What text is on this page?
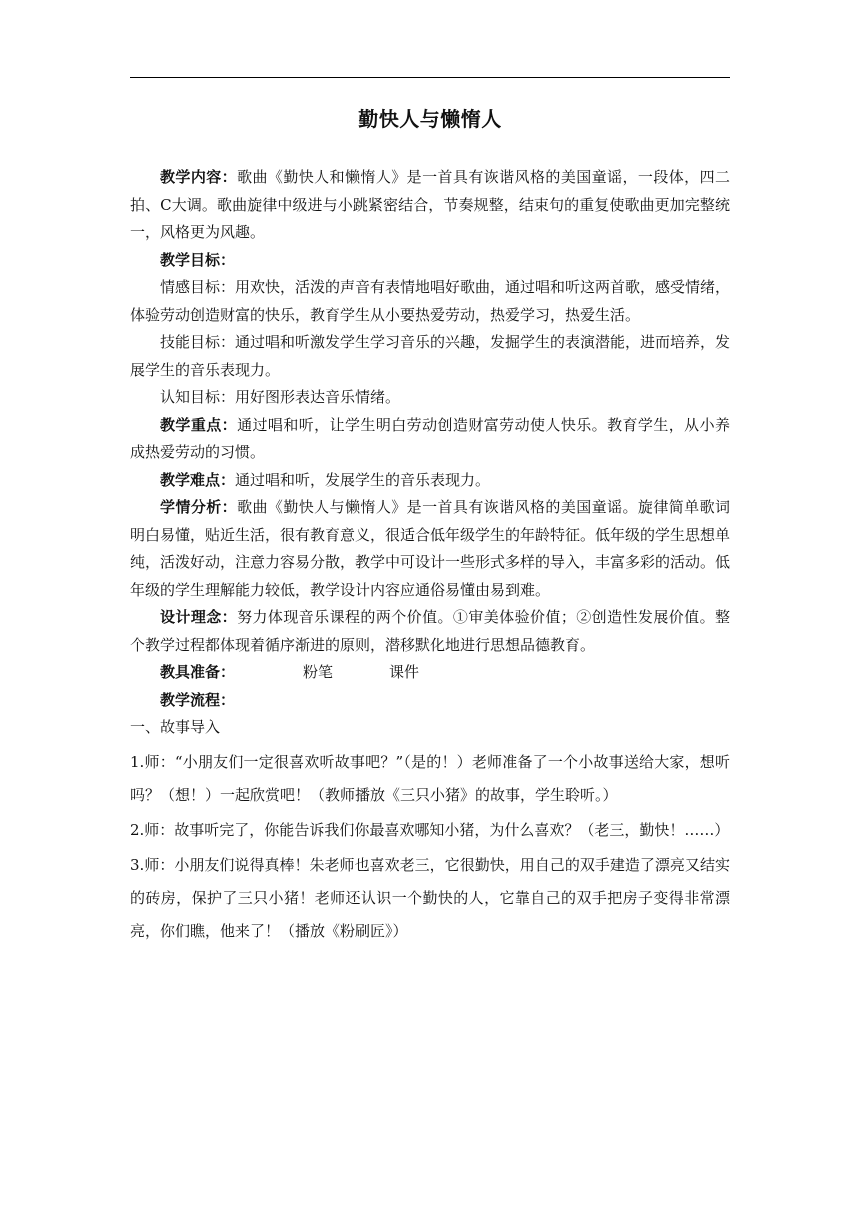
勤快人与懒惰人

教学内容：歌曲《勤快人和懒惰人》是一首具有诙谐风格的美国童谣，一段体，四二拍、C大调。歌曲旋律中级进与小跳紧密结合，节奏规整，结束句的重复使歌曲更加完整统一，风格更为风趣。

教学目标：

情感目标：用欢快，活泼的声音有表情地唱好歌曲，通过唱和听这两首歌，感受情绪，体验劳动创造财富的快乐，教育学生从小要热爱劳动，热爱学习，热爱生活。

技能目标：通过唱和听激发学生学习音乐的兴趣，发掘学生的表演潜能，进而培养，发展学生的音乐表现力。

认知目标：用好图形表达音乐情绪。

教学重点：通过唱和听，让学生明白劳动创造财富劳动使人快乐。教育学生，从小养成热爱劳动的习惯。

教学难点：通过唱和听，发展学生的音乐表现力。

学情分析：歌曲《勤快人与懒惰人》是一首具有诙谐风格的美国童谣。旋律简单歌词明白易懂，贴近生活，很有教育意义，很适合低年级学生的年龄特征。低年级的学生思想单纯，活泼好动，注意力容易分散，教学中可设计一些形式多样的导入，丰富多彩的活动。低年级的学生理解能力较低，教学设计内容应通俗易懂由易到难。

设计理念：努力体现音乐课程的两个价值。①审美体验价值；②创造性发展价值。整个教学过程都体现着循序渐进的原则，潜移默化地进行思想品德教育。

教具准备：	粉笔	课件

教学流程：

一、故事导入

1.师：“小朋友们一定很喜欢听故事吧？”（是的！）老师准备了一个小故事送给大家，想听吗？（想！）一起欣赏吧！（教师播放《三只小猪》的故事，学生聆听。）

2.师：故事听完了，你能告诉我们你最喜欢哪知小猪，为什么喜欢？（老三，勤快！……）

3.师：小朋友们说得真棒！朱老师也喜欢老三，它很勤快，用自己的双手建造了漂亮又结实的砖房，保护了三只小猪！老师还认识一个勤快的人，它靠自己的双手把房子变得非常漂亮，你们瞧，他来了！（播放《粉刷匠》）
